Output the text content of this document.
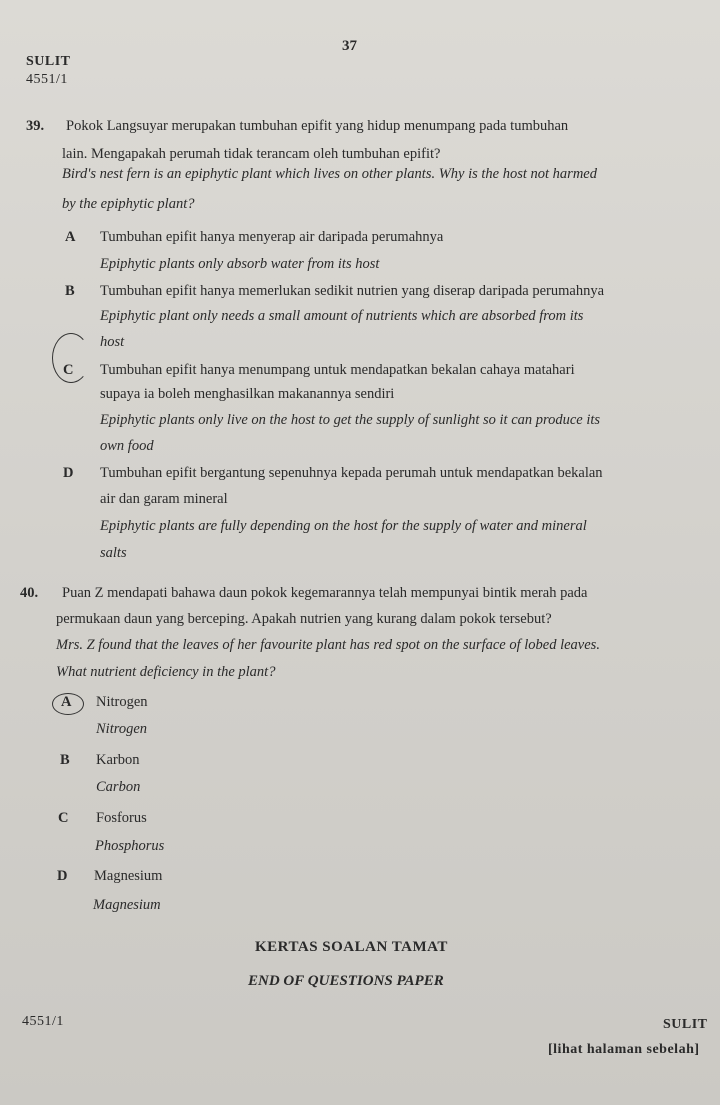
37
SULIT
4551/1
39. Pokok Langsuyar merupakan tumbuhan epifit yang hidup menumpang pada tumbuhan
lain. Mengapakah perumah tidak terancam oleh tumbuhan epifit?
Bird's nest fern is an epiphytic plant which lives on other plants. Why is the host not harmed
by the epiphytic plant?
A Tumbuhan epifit hanya menyerap air daripada perumahnya
Epiphytic plants only absorb water from its host
B Tumbuhan epifit hanya memerlukan sedikit nutrien yang diserap daripada perumahnya
Epiphytic plant only needs a small amount of nutrients which are absorbed from its
host
C Tumbuhan epifit hanya menumpang untuk mendapatkan bekalan cahaya matahari
supaya ia boleh menghasilkan makanannya sendiri
Epiphytic plants only live on the host to get the supply of sunlight so it can produce its
own food
D Tumbuhan epifit bergantung sepenuhnya kepada perumah untuk mendapatkan bekalan
air dan garam mineral
Epiphytic plants are fully depending on the host for the supply of water and mineral
salts
40. Puan Z mendapati bahawa daun pokok kegemarannya telah mempunyai bintik merah pada
permukaan daun yang berceping. Apakah nutrien yang kurang dalam pokok tersebut?
Mrs. Z found that the leaves of her favourite plant has red spot on the surface of lobed leaves.
What nutrient deficiency in the plant?
A Nitrogen
Nitrogen
B Karbon
Carbon
C Fosforus
Phosphorus
D Magnesium
Magnesium
KERTAS SOALAN TAMAT
END OF QUESTIONS PAPER
4551/1	SULIT
[lihat halaman sebelah]
